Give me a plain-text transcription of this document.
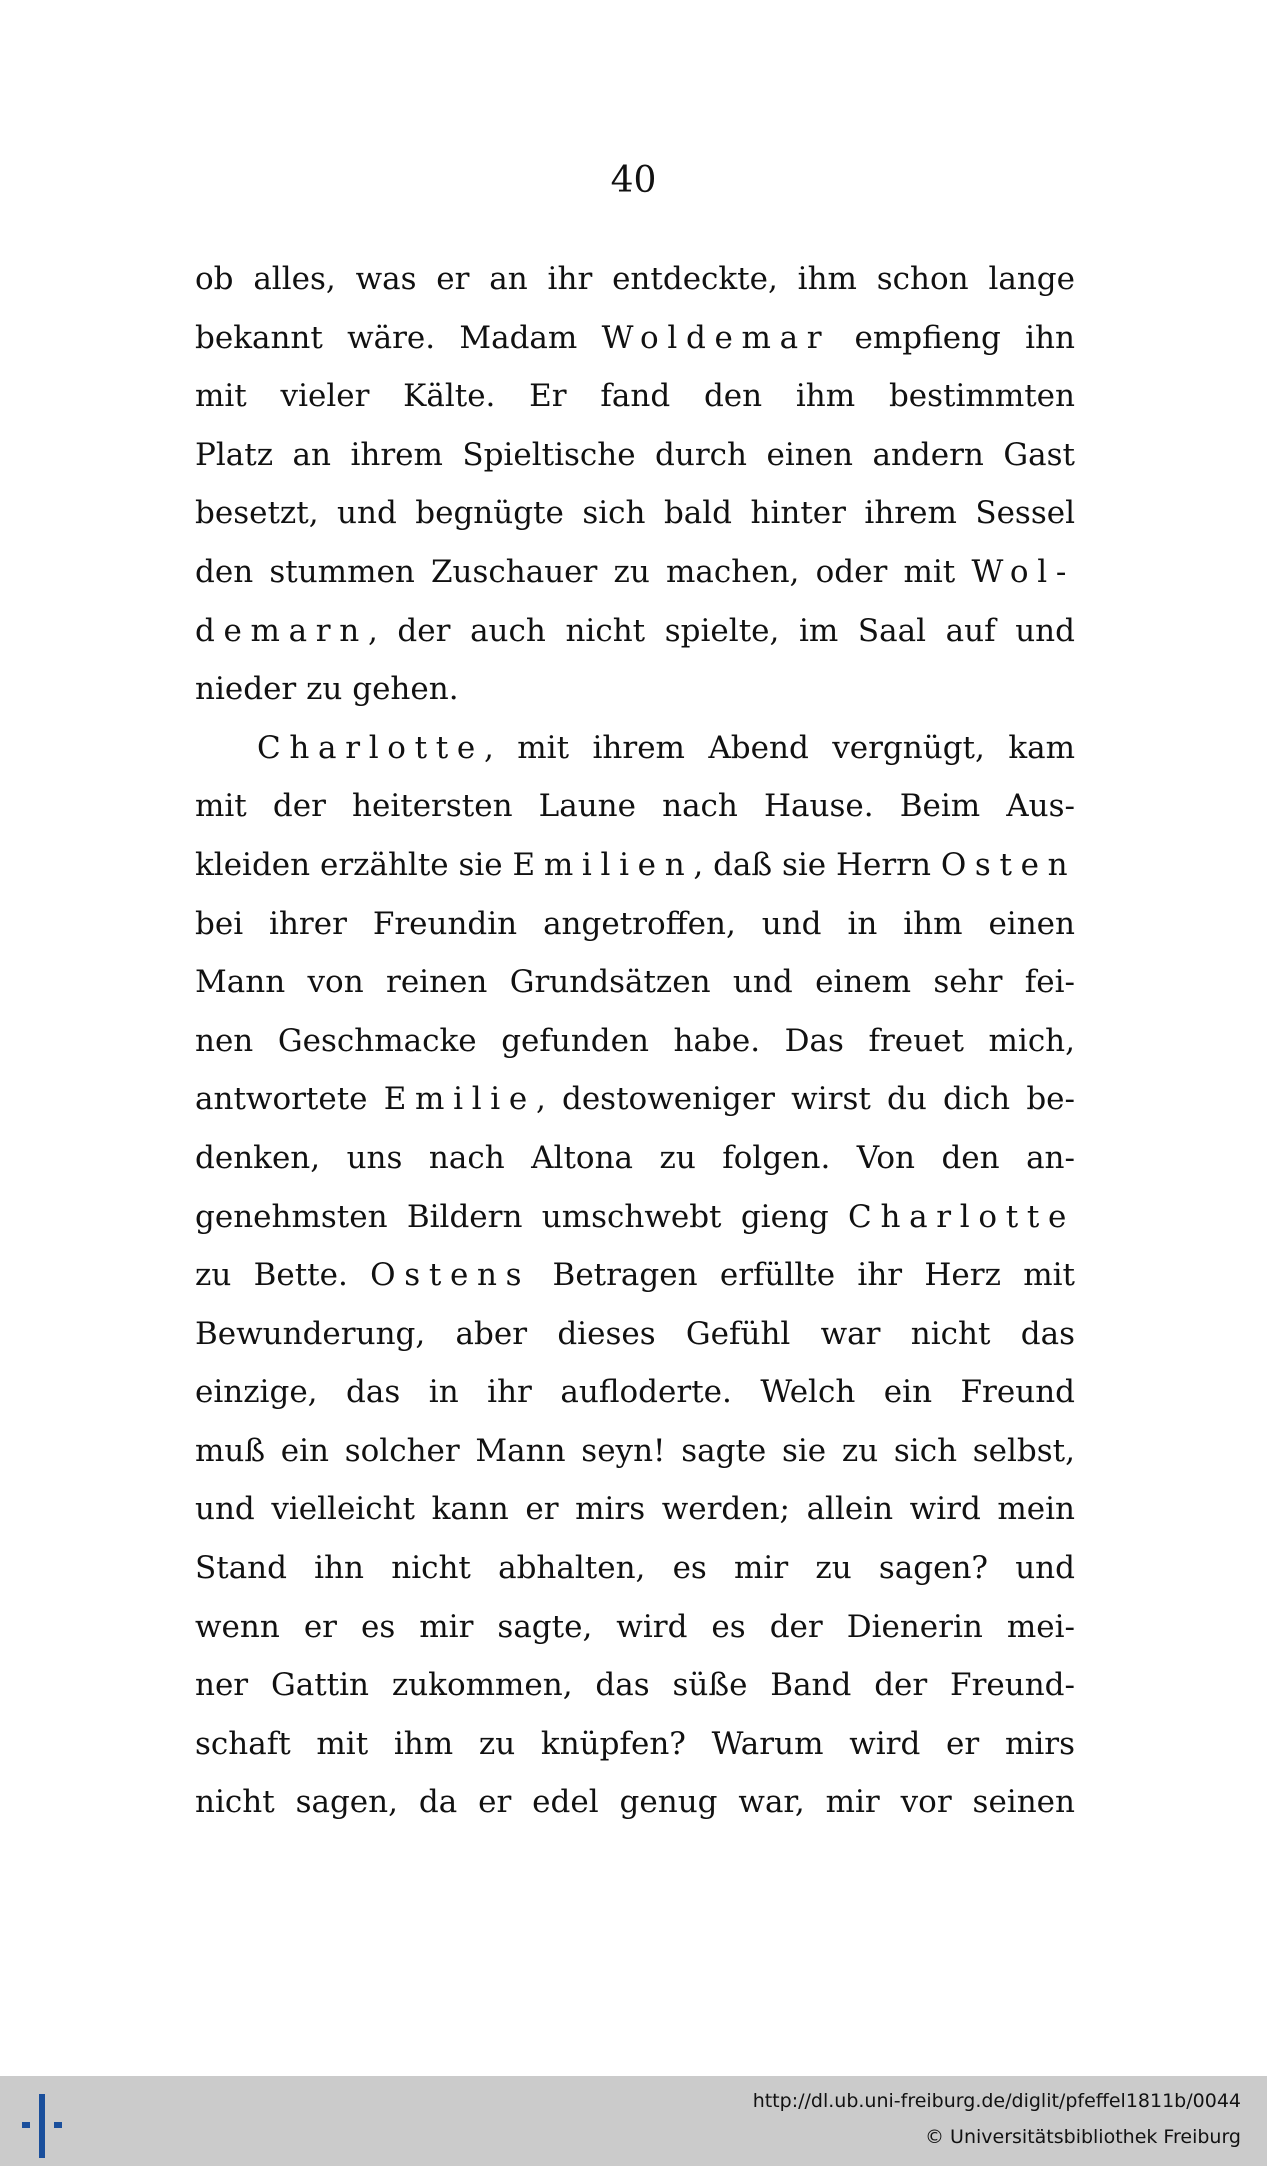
40
ob alles, was er an ihr entdeckte, ihm schon lange
bekannt wäre. Madam Woldemar empfieng ihn
mit vieler Kälte. Er fand den ihm bestimmten
Platz an ihrem Spieltische durch einen andern Gast
besetzt, und begnügte sich bald hinter ihrem Sessel
den stummen Zuschauer zu machen, oder mit Wol-
demarn, der auch nicht spielte, im Saal auf und
nieder zu gehen.
Charlotte, mit ihrem Abend vergnügt, kam
mit der heitersten Laune nach Hause. Beim Aus-
kleiden erzählte sie Emilien, daß sie Herrn Osten
bei ihrer Freundin angetroffen, und in ihm einen
Mann von reinen Grundsätzen und einem sehr fei-
nen Geschmacke gefunden habe. Das freuet mich,
antwortete Emilie, destoweniger wirst du dich be-
denken, uns nach Altona zu folgen. Von den an-
genehmsten Bildern umschwebt gieng Charlotte
zu Bette. Ostens Betragen erfüllte ihr Herz mit
Bewunderung, aber dieses Gefühl war nicht das
einzige, das in ihr aufloderte. Welch ein Freund
muß ein solcher Mann seyn! sagte sie zu sich selbst,
und vielleicht kann er mirs werden; allein wird mein
Stand ihn nicht abhalten, es mir zu sagen? und
wenn er es mir sagte, wird es der Dienerin mei-
ner Gattin zukommen, das süße Band der Freund-
schaft mit ihm zu knüpfen? Warum wird er mirs
nicht sagen, da er edel genug war, mir vor seinen
http://dl.ub.uni-freiburg.de/diglit/pfeffel1811b/0044
© Universitätsbibliothek Freiburg
